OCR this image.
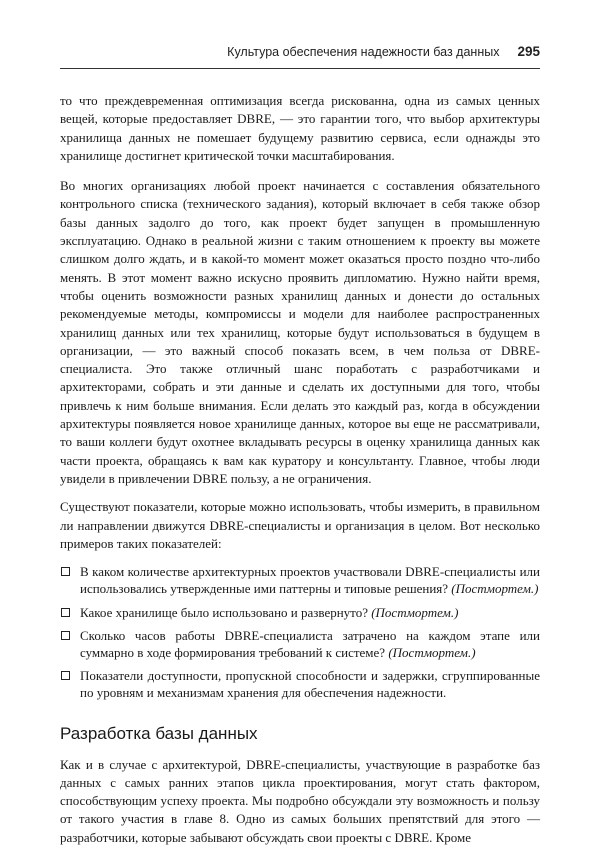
Культура обеспечения надежности баз данных 295

то что преждевременная оптимизация всегда рискованна, одна из самых ценных вещей, которые предоставляет DBRE, — это гарантии того, что выбор архитектуры хранилища данных не помешает будущему развитию сервиса, если однажды это хранилище достигнет критической точки масштабирования.

Во многих организациях любой проект начинается с составления обязательного контрольного списка (технического задания), который включает в себя также обзор базы данных задолго до того, как проект будет запущен в промышленную эксплуатацию. Однако в реальной жизни с таким отношением к проекту вы можете слишком долго ждать, и в какой-то момент может оказаться просто поздно что-либо менять. В этот момент важно искусно проявить дипломатию. Нужно найти время, чтобы оценить возможности разных хранилищ данных и донести до остальных рекомендуемые методы, компромиссы и модели для наиболее распространенных хранилищ данных или тех хранилищ, которые будут использоваться в будущем в организации, — это важный способ показать всем, в чем польза от DBRE-специалиста. Это также отличный шанс поработать с разработчиками и архитекторами, собрать и эти данные и сделать их доступными для того, чтобы привлечь к ним больше внимания. Если делать это каждый раз, когда в обсуждении архитектуры появляется новое хранилище данных, которое вы еще не рассматривали, то ваши коллеги будут охотнее вкладывать ресурсы в оценку хранилища данных как части проекта, обращаясь к вам как куратору и консультанту. Главное, чтобы люди увидели в привлечении DBRE пользу, а не ограничения.

Существуют показатели, которые можно использовать, чтобы измерить, в правильном ли направлении движутся DBRE-специалисты и организация в целом. Вот несколько примеров таких показателей:

В каком количестве архитектурных проектов участвовали DBRE-специалисты или использовались утвержденные ими паттерны и типовые решения? (Постмортем.)
Какое хранилище было использовано и развернуто? (Постмортем.)
Сколько часов работы DBRE-специалиста затрачено на каждом этапе или суммарно в ходе формирования требований к системе? (Постмортем.)
Показатели доступности, пропускной способности и задержки, сгруппированные по уровням и механизмам хранения для обеспечения надежности.
Разработка базы данных

Как и в случае с архитектурой, DBRE-специалисты, участвующие в разработке баз данных с самых ранних этапов цикла проектирования, могут стать фактором, способствующим успеху проекта. Мы подробно обсуждали эту возможность и пользу от такого участия в главе 8. Одно из самых больших препятствий для этого — разработчики, которые забывают обсуждать свои проекты с DBRE. Кроме
